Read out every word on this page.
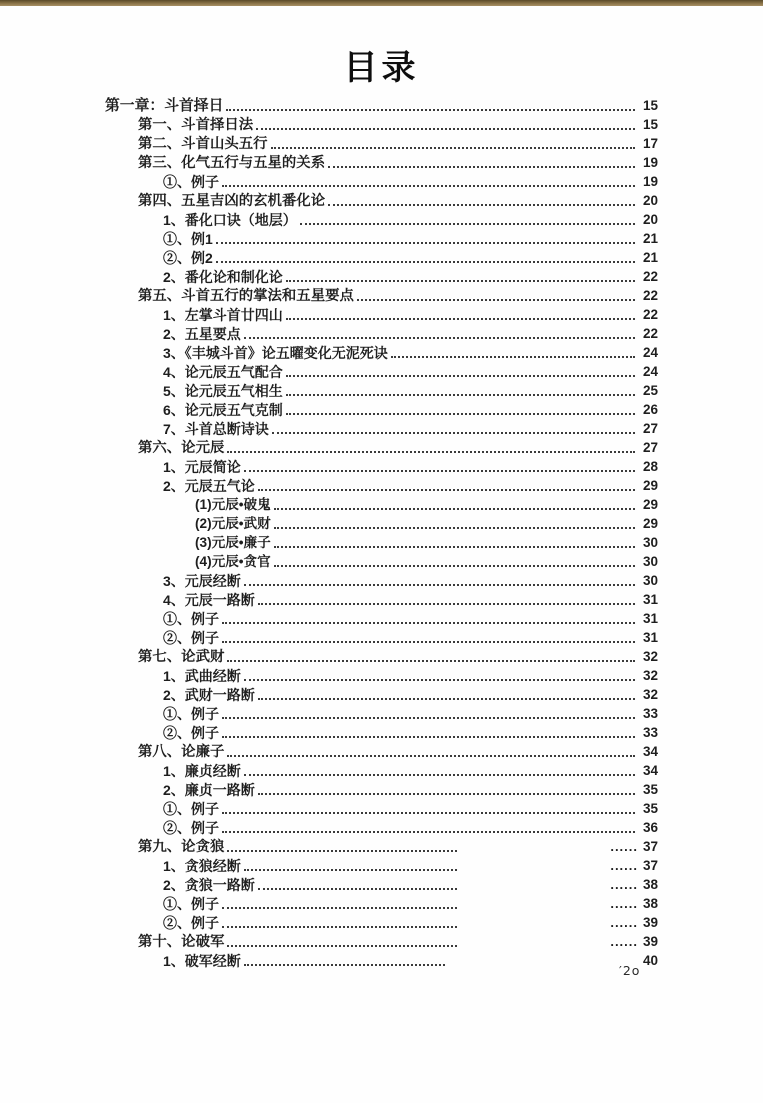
目录
第一章：斗首择日	15
第一、斗首择日法	15
第二、斗首山头五行	17
第三、化气五行与五星的关系	19
①、例子	19
第四、五星吉凶的玄机番化论	20
1、番化口诀（地层）	20
①、例1	21
②、例2	21
2、番化论和制化论	22
第五、斗首五行的掌法和五星要点	22
1、左掌斗首廿四山	22
2、五星要点	22
3、《丰城斗首》论五曜变化无泥死诀	24
4、论元辰五气配合	24
5、论元辰五气相生	25
6、论元辰五气克制	26
7、斗首总断诗诀	27
第六、论元辰	27
1、元辰简论	28
2、元辰五气论	29
(1)元辰•破鬼	29
(2)元辰•武财	29
(3)元辰•廉子	30
(4)元辰•贪官	30
3、元辰经断	30
4、元辰一路断	31
①、例子	31
②、例子	31
第七、论武财	32
1、武曲经断	32
2、武财一路断	32
①、例子	33
②、例子	33
第八、论廉子	34
1、廉贞经断	34
2、廉贞一路断	35
①、例子	35
②、例子	36
第九、论贪狼	...... 37
1、贪狼经断	...... 37
2、贪狼一路断	...... 38
①、例子	...... 38
②、例子	...... 39
第十、论破军	...... 39
1、破军经断	40
′2o
